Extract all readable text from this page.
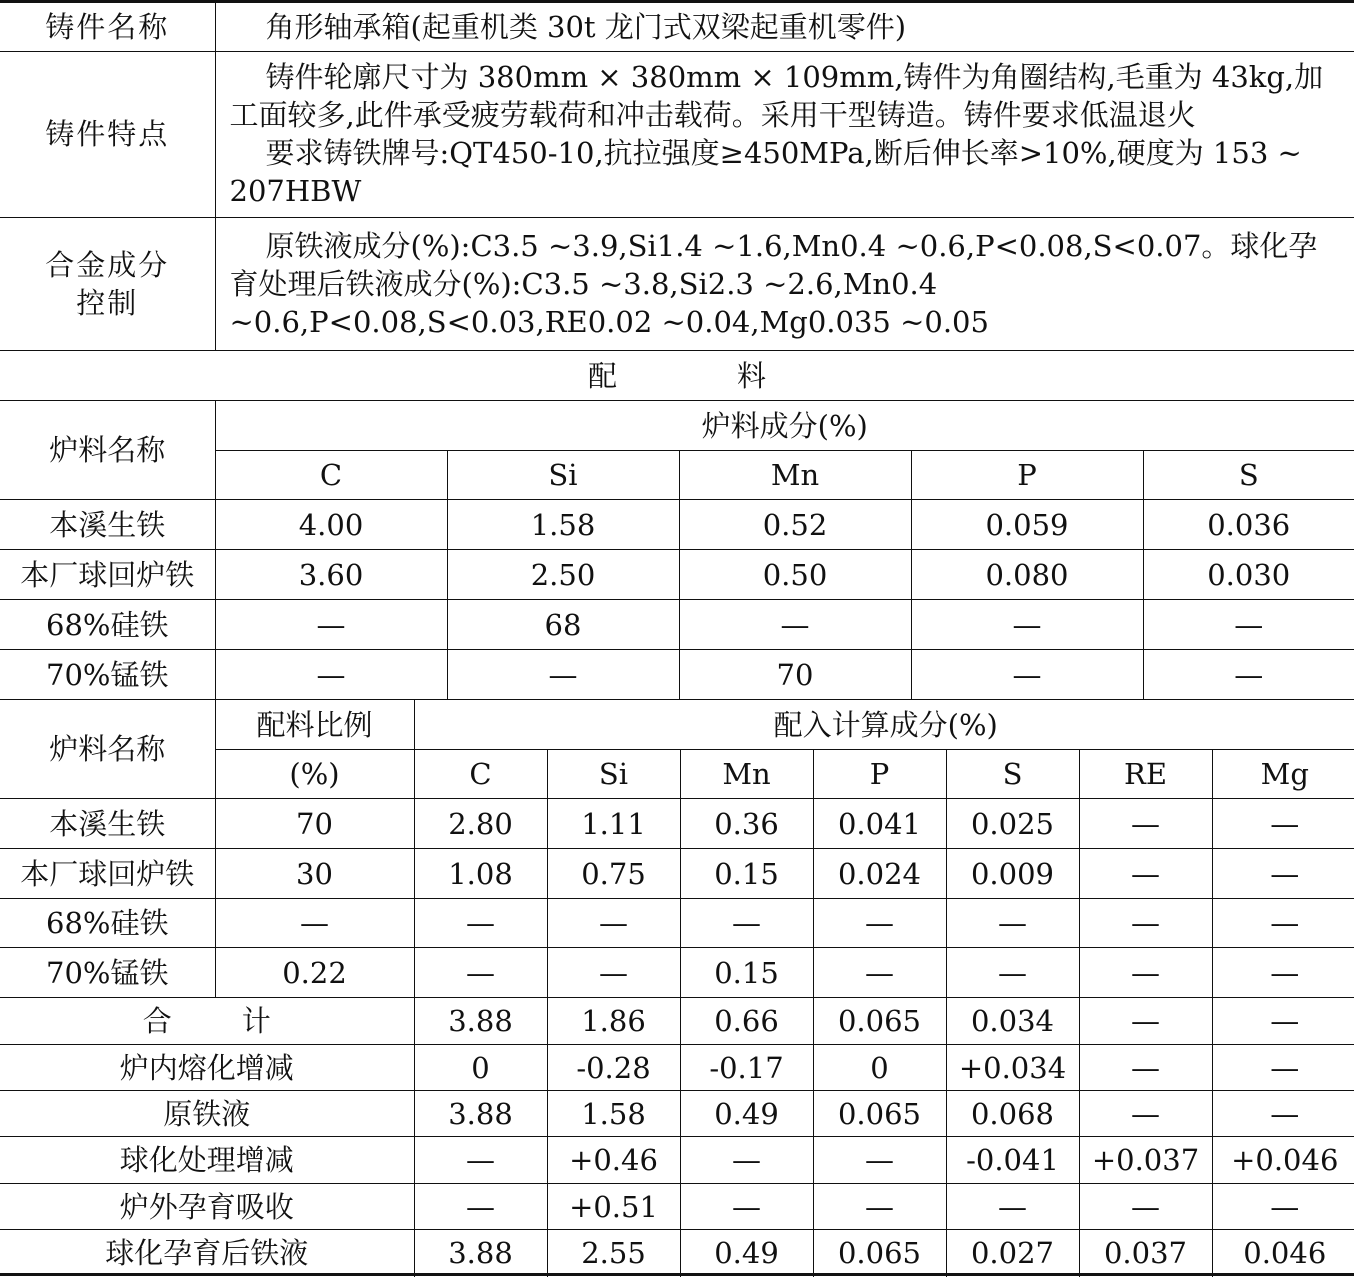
铸件名称	角形轴承箱(起重机类 30t 龙门式双梁起重机零件)
铸件特点	铸件轮廓尺寸为 380mm × 380mm × 109mm,铸件为角圈结构,毛重为 43kg,加工面较多,此件承受疲劳载荷和冲击载荷。采用干型铸造。铸件要求低温退火
要求铸铁牌号:QT450-10,抗拉强度≥450MPa,断后伸长率>10%,硬度为 153 ~ 207HBW

合金成分
控制	原铁液成分(%):C3.5 ~3.9,Si1.4 ~1.6,Mn0.4 ~0.6,P<0.08,S<0.07。球化孕育处理后铁液成分(%):C3.5 ~3.8,Si2.3 ~2.6,Mn0.4 ~0.6,P<0.08,S<0.03,RE0.02 ~0.04,Mg0.035 ~0.05
配 料					
炉料名称	炉料成分(%)				
	C	Si	Mn	P	S
本溪生铁	4.00	1.58	0.52	0.059	0.036
本厂球回炉铁	3.60	2.50	0.50	0.080	0.030
68%硅铁	—	68	—	—	—
70%锰铁	—	—	70	—	—
炉料名称	配料比例	配入计算成分(%)						
	(%)	C	Si	Mn	P	S	RE	Mg
本溪生铁	70	2.80	1.11	0.36	0.041	0.025	—	—
本厂球回炉铁	30	1.08	0.75	0.15	0.024	0.009	—	—
68%硅铁	—	—	—	—	—	—	—	—
70%锰铁	0.22	—	—	0.15	—	—	—	—
合 计		3.88	1.86	0.66	0.065	0.034	—	—
炉内熔化增减		0	-0.28	-0.17	0	+0.034	—	—
原铁液		3.88	1.58	0.49	0.065	0.068	—	—
球化处理增减		—	+0.46	—	—	-0.041	+0.037	+0.046
炉外孕育吸收		—	+0.51	—	—	—	—	—
球化孕育后铁液		3.88	2.55	0.49	0.065	0.027	0.037	0.046
